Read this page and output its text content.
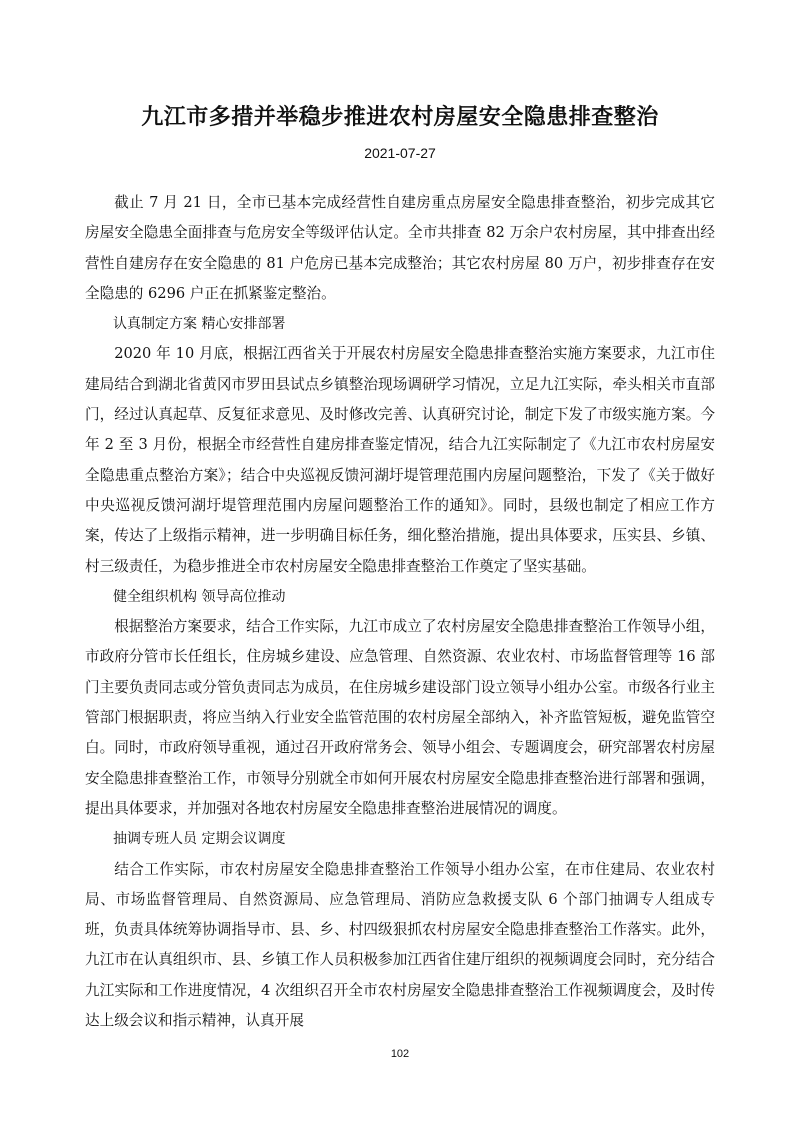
九江市多措并举稳步推进农村房屋安全隐患排查整治
2021-07-27

截止 7 月 21 日，全市已基本完成经营性自建房重点房屋安全隐患排查整治，初步完成其它房屋安全隐患全面排查与危房安全等级评估认定。全市共排查 82 万余户农村房屋，其中排查出经营性自建房存在安全隐患的 81 户危房已基本完成整治；其它农村房屋 80 万户，初步排查存在安全隐患的 6296 户正在抓紧鉴定整治。

认真制定方案 精心安排部署

2020 年 10 月底，根据江西省关于开展农村房屋安全隐患排查整治实施方案要求，九江市住建局结合到湖北省黄冈市罗田县试点乡镇整治现场调研学习情况，立足九江实际，牵头相关市直部门，经过认真起草、反复征求意见、及时修改完善、认真研究讨论，制定下发了市级实施方案。今年 2 至 3 月份，根据全市经营性自建房排查鉴定情况，结合九江实际制定了《九江市农村房屋安全隐患重点整治方案》；结合中央巡视反馈河湖圩堤管理范围内房屋问题整治，下发了《关于做好中央巡视反馈河湖圩堤管理范围内房屋问题整治工作的通知》。同时，县级也制定了相应工作方案，传达了上级指示精神，进一步明确目标任务，细化整治措施，提出具体要求，压实县、乡镇、村三级责任，为稳步推进全市农村房屋安全隐患排查整治工作奠定了坚实基础。

健全组织机构 领导高位推动

根据整治方案要求，结合工作实际，九江市成立了农村房屋安全隐患排查整治工作领导小组，市政府分管市长任组长，住房城乡建设、应急管理、自然资源、农业农村、市场监督管理等 16 部门主要负责同志或分管负责同志为成员，在住房城乡建设部门设立领导小组办公室。市级各行业主管部门根据职责，将应当纳入行业安全监管范围的农村房屋全部纳入，补齐监管短板，避免监管空白。同时，市政府领导重视，通过召开政府常务会、领导小组会、专题调度会，研究部署农村房屋安全隐患排查整治工作，市领导分别就全市如何开展农村房屋安全隐患排查整治进行部署和强调，提出具体要求，并加强对各地农村房屋安全隐患排查整治进展情况的调度。

抽调专班人员 定期会议调度

结合工作实际，市农村房屋安全隐患排查整治工作领导小组办公室，在市住建局、农业农村局、市场监督管理局、自然资源局、应急管理局、消防应急救援支队 6 个部门抽调专人组成专班，负责具体统筹协调指导市、县、乡、村四级狠抓农村房屋安全隐患排查整治工作落实。此外，九江市在认真组织市、县、乡镇工作人员积极参加江西省住建厅组织的视频调度会同时，充分结合九江实际和工作进度情况，4 次组织召开全市农村房屋安全隐患排查整治工作视频调度会，及时传达上级会议和指示精神，认真开展

102
